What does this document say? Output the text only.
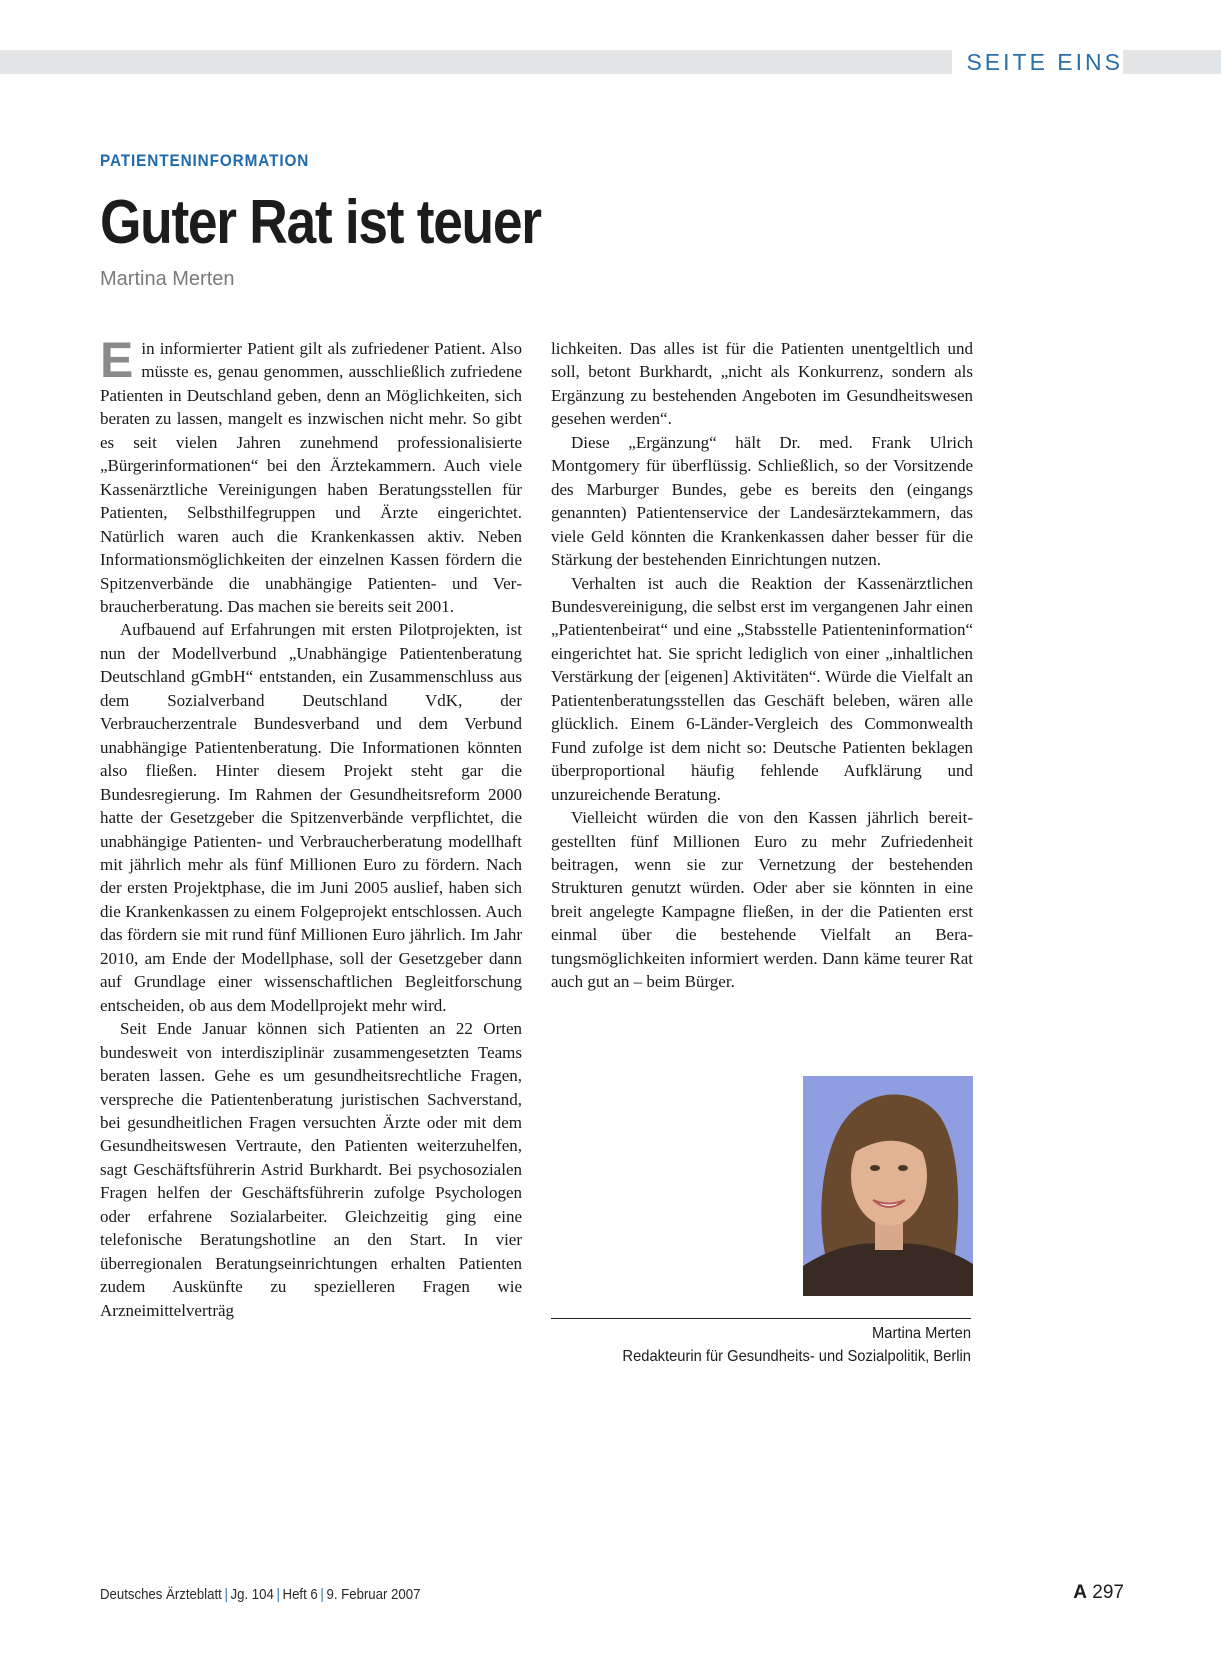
SEITE EINS
PATIENTENINFORMATION
Guter Rat ist teuer
Martina Merten

Ein informierter Patient gilt als zufriedener Patient. Also müsste es, genau genommen, ausschließlich zufriedene Patienten in Deutschland geben, denn an Möglichkeiten, sich beraten zu lassen, mangelt es inzwischen nicht mehr. So gibt es seit vielen Jahren zunehmend professionalisierte „Bürgerinformationen“ bei den Ärztekammern. Auch viele Kassenärztliche Vereinigungen haben Beratungsstellen für Patienten, Selbsthilfegruppen und Ärzte eingerichtet. Natürlich waren auch die Krankenkassen aktiv. Neben Informationsmöglichkeiten der einzelnen Kassen fördern die Spitzenverbände die unabhängige Patienten- und Verbraucherberatung. Das machen sie bereits seit 2001.

Aufbauend auf Erfahrungen mit ersten Pilotprojekten, ist nun der Modellverbund „Unabhängige Patientenberatung Deutschland gGmbH“ entstanden, ein Zusammenschluss aus dem Sozialverband Deutschland VdK, der Verbraucherzentrale Bundesverband und dem Verbund unabhängige Patientenberatung. Die Informationen könnten also fließen. Hinter diesem Projekt steht gar die Bundesregierung. Im Rahmen der Gesundheitsreform 2000 hatte der Gesetzgeber die Spitzenverbände verpflichtet, die unabhängige Patienten- und Verbraucherberatung modellhaft mit jährlich mehr als fünf Millionen Euro zu fördern. Nach der ersten Projektphase, die im Juni 2005 auslief, haben sich die Krankenkassen zu einem Folgeprojekt entschlossen. Auch das fördern sie mit rund fünf Millionen Euro jährlich. Im Jahr 2010, am Ende der Modellphase, soll der Gesetzgeber dann auf Grundlage einer wissenschaftlichen Begleitforschung entscheiden, ob aus dem Modellprojekt mehr wird.

Seit Ende Januar können sich Patienten an 22 Orten bundesweit von interdisziplinär zusammengesetzten Teams beraten lassen. Gehe es um gesundheitsrechtliche Fragen, verspreche die Patientenberatung juristischen Sachverstand, bei gesundheitlichen Fragen versuchten Ärzte oder mit dem Gesundheitswesen Vertraute, den Patienten weiterzuhelfen, sagt Geschäftsführerin Astrid Burkhardt. Bei psychosozialen Fragen helfen der Geschäftsführerin zufolge Psychologen oder erfahrene Sozialarbeiter. Gleichzeitig ging eine telefonische Beratungshotline an den Start. In vier überregionalen Beratungseinrichtungen erhalten Patienten zudem Auskünfte zu spezielleren Fragen wie Arzneimittelverträg

lichkeiten. Das alles ist für die Patienten unentgeltlich und soll, betont Burkhardt, „nicht als Konkurrenz, sondern als Ergänzung zu bestehenden Angeboten im Gesundheitswesen gesehen werden“.

Diese „Ergänzung“ hält Dr. med. Frank Ulrich Montgomery für überflüssig. Schließlich, so der Vorsitzende des Marburger Bundes, gebe es bereits den (eingangs genannten) Patientenservice der Landesärztekammern, das viele Geld könnten die Krankenkassen daher besser für die Stärkung der bestehenden Einrichtungen nutzen.

Verhalten ist auch die Reaktion der Kassenärztlichen Bundesvereinigung, die selbst erst im vergangenen Jahr einen „Patientenbeirat“ und eine „Stabsstelle Patienteninformation“ eingerichtet hat. Sie spricht lediglich von einer „inhaltlichen Verstärkung der [eigenen] Aktivitäten“. Würde die Vielfalt an Patientenberatungsstellen das Geschäft beleben, wären alle glücklich. Einem 6-Länder-Vergleich des Commonwealth Fund zufolge ist dem nicht so: Deutsche Patienten beklagen überproportional häufig fehlende Aufklärung und unzureichende Beratung.

Vielleicht würden die von den Kassen jährlich bereitgestellten fünf Millionen Euro zu mehr Zufriedenheit beitragen, wenn sie zur Vernetzung der bestehenden Strukturen genutzt würden. Oder aber sie könnten in eine breit angelegte Kampagne fließen, in der die Patienten erst einmal über die bestehende Vielfalt an Beratungsmöglichkeiten informiert werden. Dann käme teurer Rat auch gut an – beim Bürger.

Martina Merten
Redakteurin für Gesundheits- und Sozialpolitik, Berlin
Deutsches Ärzteblatt | Jg. 104 | Heft 6 | 9. Februar 2007	A 297
